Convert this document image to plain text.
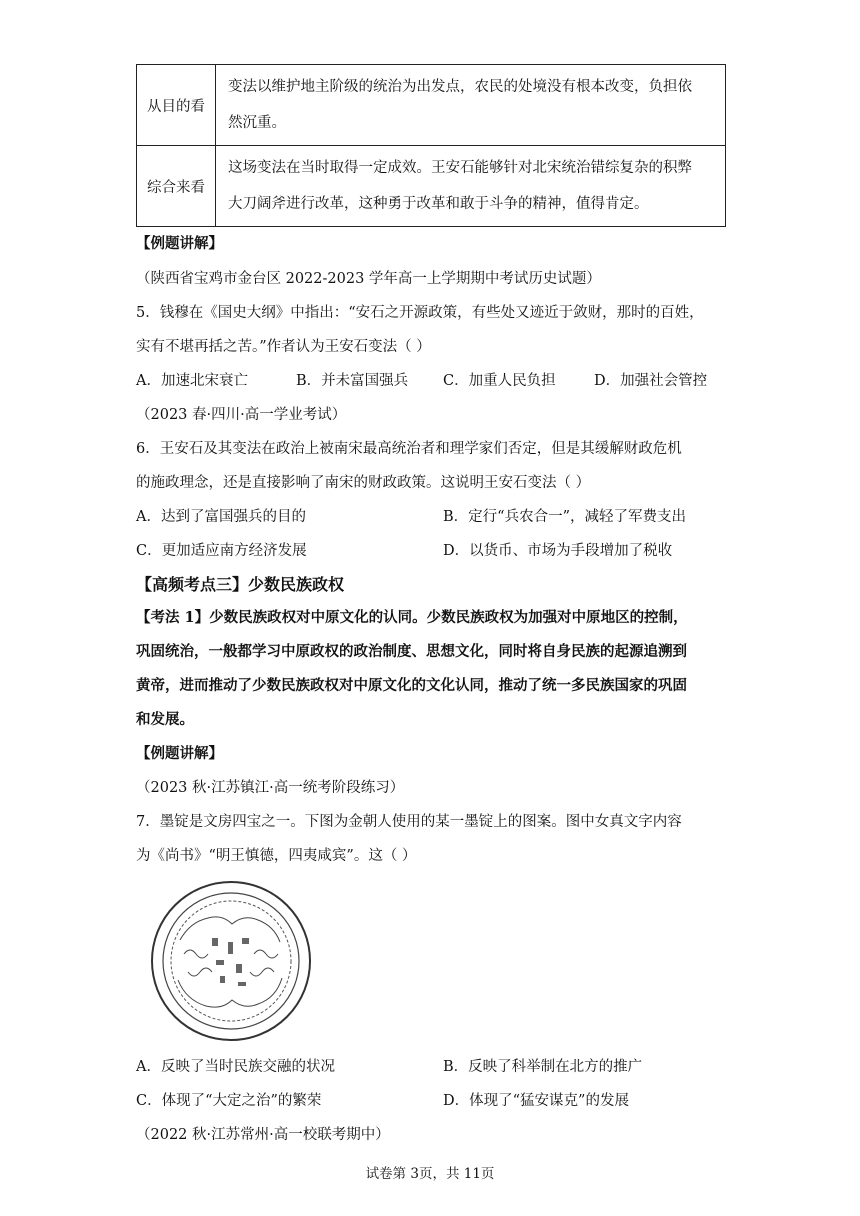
从目的看	变法以维护地主阶级的统治为出发点，农民的处境没有根本改变，负担依
然沉重。

综合来看	这场变法在当时取得一定成效。王安石能够针对北宋统治错综复杂的积弊
大刀阔斧进行改革，这种勇于改革和敢于斗争的精神，值得肯定。
【例题讲解】
（陕西省宝鸡市金台区 2022-2023 学年高一上学期期中考试历史试题）
5．钱穆在《国史大纲》中指出：“安石之开源政策，有些处又迹近于敛财，那时的百姓，
实有不堪再括之苦。”作者认为王安石变法（ ）
A．加速北宋衰亡	B．并未富国强兵 C．加重人民负担	D．加强社会管控
（2023 春·四川·高一学业考试）
6．王安石及其变法在政治上被南宋最高统治者和理学家们否定，但是其缓解财政危机
的施政理念，还是直接影响了南宋的财政政策。这说明王安石变法（ ）
A．达到了富国强兵的目的	B．定行“兵农合一”，减轻了军费支出
C．更加适应南方经济发展	D．以货币、市场为手段增加了税收
【高频考点三】少数民族政权
【考法 1】少数民族政权对中原文化的认同。少数民族政权为加强对中原地区的控制，
巩固统治，一般都学习中原政权的政治制度、思想文化，同时将自身民族的起源追溯到
黄帝，进而推动了少数民族政权对中原文化的文化认同，推动了统一多民族国家的巩固
和发展。
【例题讲解】
（2023 秋·江苏镇江·高一统考阶段练习）
7．墨锭是文房四宝之一。下图为金朝人使用的某一墨锭上的图案。图中女真文字内容
为《尚书》“明王慎德，四夷咸宾”。这（ ）
A．反映了当时民族交融的状况	B．反映了科举制在北方的推广
C．体现了“大定之治”的繁荣	D．体现了“猛安谋克”的发展
（2022 秋·江苏常州·高一校联考期中）
试卷第 3页，共 11页
